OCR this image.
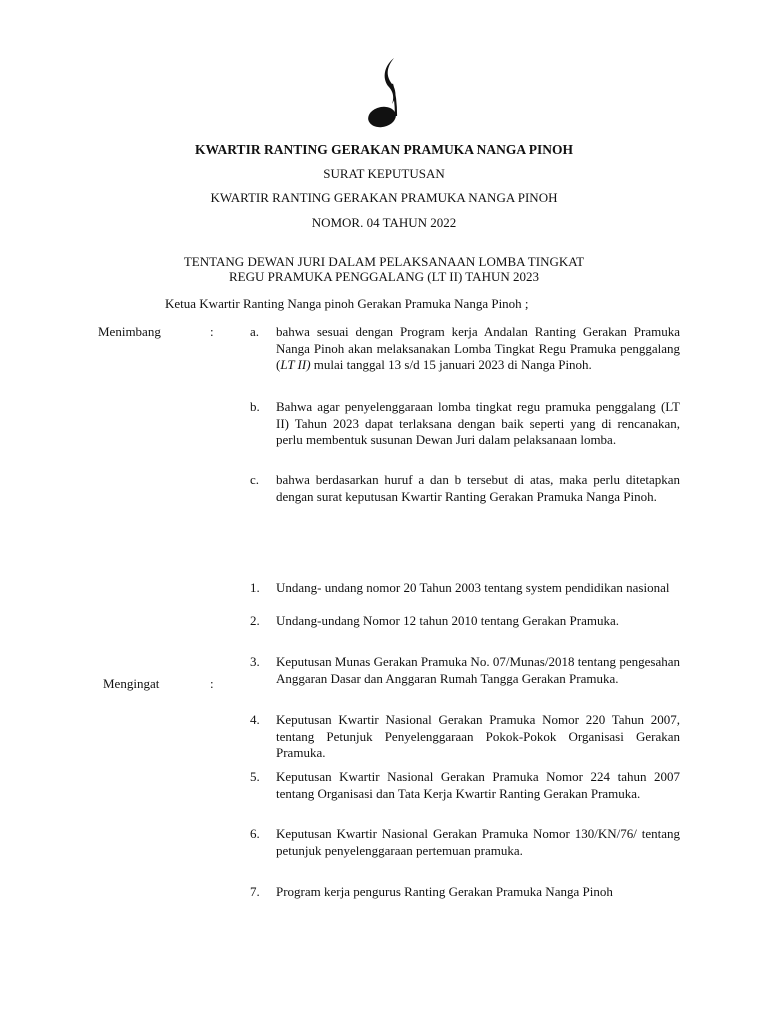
KWARTIR RANTING GERAKAN PRAMUKA NANGA PINOH
SURAT KEPUTUSAN
KWARTIR RANTING GERAKAN PRAMUKA NANGA PINOH
NOMOR. 04 TAHUN 2022
TENTANG DEWAN JURI DALAM PELAKSANAAN LOMBA TINGKAT
REGU PRAMUKA PENGGALANG (LT II) TAHUN 2023
Ketua Kwartir Ranting Nanga pinoh Gerakan Pramuka Nanga Pinoh ;
Menimbang	:	a.	bahwa sesuai dengan Program kerja Andalan Ranting Gerakan Pramuka Nanga Pinoh akan melaksanakan Lomba Tingkat Regu Pramuka penggalang (LT II) mulai tanggal 13 s/d 15 januari 2023 di Nanga Pinoh.
b.	Bahwa agar penyelenggaraan lomba tingkat regu pramuka penggalang (LT II) Tahun 2023 dapat terlaksana dengan baik seperti yang di rencanakan, perlu membentuk susunan Dewan Juri dalam pelaksanaan lomba.
c.	bahwa berdasarkan huruf a dan b tersebut di atas, maka perlu ditetapkan dengan surat keputusan Kwartir Ranting Gerakan Pramuka Nanga Pinoh.
Mengingat	:
1.	Undang- undang nomor 20 Tahun 2003 tentang system pendidikan nasional
2.	Undang-undang Nomor 12 tahun 2010 tentang Gerakan Pramuka.
3.	Keputusan Munas Gerakan Pramuka No. 07/Munas/2018 tentang pengesahan Anggaran Dasar dan Anggaran Rumah Tangga Gerakan Pramuka.
4.	Keputusan Kwartir Nasional Gerakan Pramuka Nomor 220 Tahun 2007, tentang Petunjuk Penyelenggaraan Pokok-Pokok Organisasi Gerakan Pramuka.
5.	Keputusan Kwartir Nasional Gerakan Pramuka Nomor 224 tahun 2007 tentang Organisasi dan Tata Kerja Kwartir Ranting Gerakan Pramuka.
6.	Keputusan Kwartir Nasional Gerakan Pramuka Nomor 130/KN/76/ tentang petunjuk penyelenggaraan pertemuan pramuka.
7.	Program kerja pengurus Ranting Gerakan Pramuka Nanga Pinoh
